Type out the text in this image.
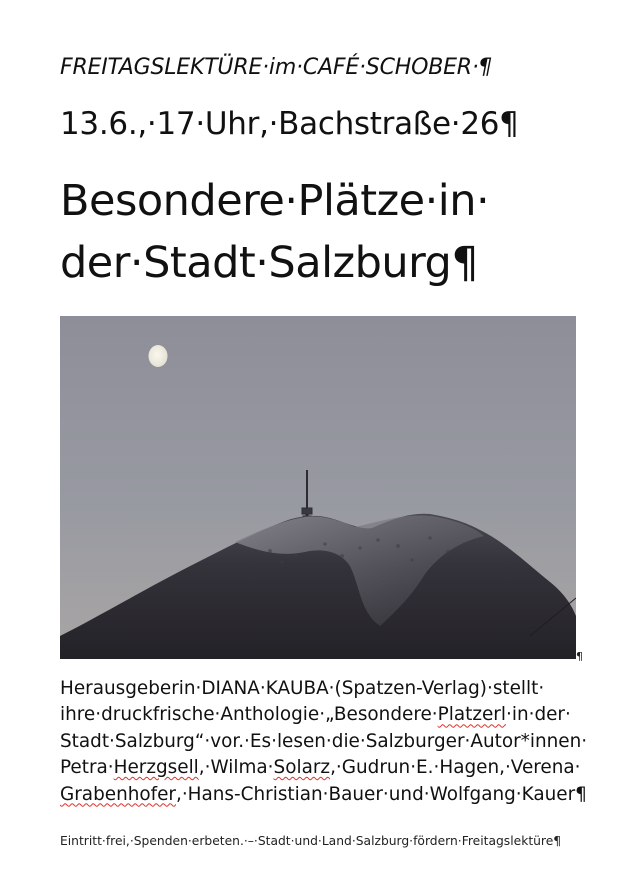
FREITAGSLEKTÜRE·im·CAFÉ·SCHOBER·¶
13.6.,·17·Uhr,·Bachstraße·26¶
Besondere·Plätze·in·
der·Stadt·Salzburg¶
¶
Herausgeberin·DIANA·KAUBA·(Spatzen-Verlag)·stellt·
ihre·druckfrische·Anthologie·„Besondere·Platzerl·in·der·
Stadt·Salzburg“·vor.·Es·lesen·die·Salzburger·Autor*innen·
Petra·Herzgsell,·Wilma·Solarz,·Gudrun·E.·Hagen,·Verena·
Grabenhofer,·Hans-Christian·Bauer·und·Wolfgang·Kauer¶
Eintritt·frei,·Spenden·erbeten.·–·Stadt·und·Land·Salzburg·fördern·Freitagslektüre¶
